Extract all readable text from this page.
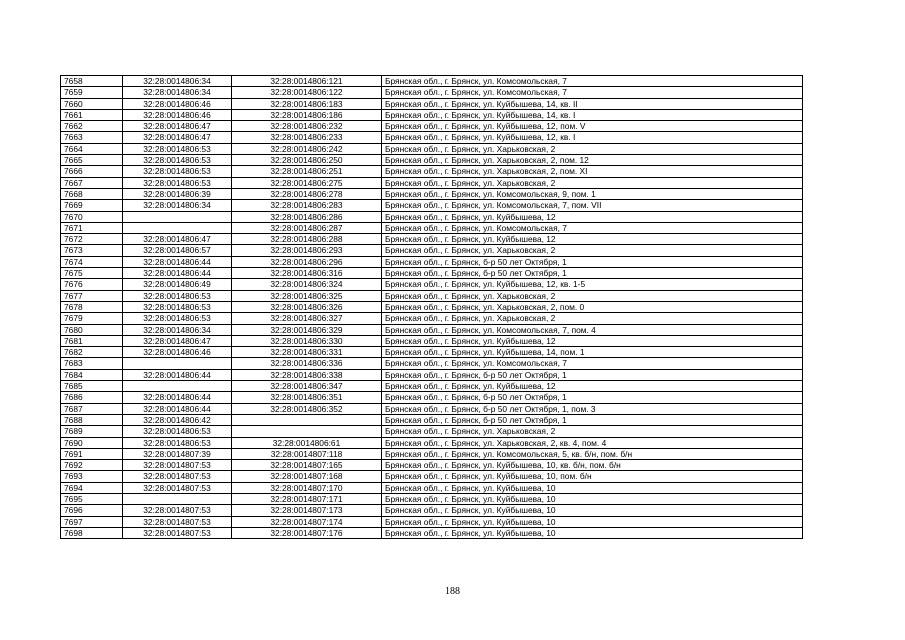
7658	32:28:0014806:34	32:28:0014806:121	Брянская обл., г. Брянск, ул. Комсомольская, 7
7659	32:28:0014806:34	32:28:0014806:122	Брянская обл., г. Брянск, ул. Комсомольская, 7
7660	32:28:0014806:46	32:28:0014806:183	Брянская обл., г. Брянск, ул. Куйбышева, 14, кв. II
7661	32:28:0014806:46	32:28:0014806:186	Брянская обл., г. Брянск, ул. Куйбышева, 14, кв. I
7662	32:28:0014806:47	32:28:0014806:232	Брянская обл., г. Брянск, ул. Куйбышева, 12, пом. V
7663	32:28:0014806:47	32:28:0014806:233	Брянская обл., г. Брянск, ул. Куйбышева, 12, кв. I
7664	32:28:0014806:53	32:28:0014806:242	Брянская обл., г. Брянск, ул. Харьковская, 2
7665	32:28:0014806:53	32:28:0014806:250	Брянская обл., г. Брянск, ул. Харьковская, 2, пом. 12
7666	32:28:0014806:53	32:28:0014806:251	Брянская обл., г. Брянск, ул. Харьковская, 2, пом. XI
7667	32:28:0014806:53	32:28:0014806:275	Брянская обл., г. Брянск, ул. Харьковская, 2
7668	32:28:0014806:39	32:28:0014806:278	Брянская обл., г. Брянск, ул. Комсомольская, 9, пом. 1
7669	32:28:0014806:34	32:28:0014806:283	Брянская обл., г. Брянск, ул. Комсомольская, 7, пом. VII
7670		32:28:0014806:286	Брянская обл., г. Брянск, ул. Куйбышева, 12
7671		32:28:0014806:287	Брянская обл., г. Брянск, ул. Комсомольская, 7
7672	32:28:0014806:47	32:28:0014806:288	Брянская обл., г. Брянск, ул. Куйбышева, 12
7673	32:28:0014806:57	32:28:0014806:293	Брянская обл., г. Брянск, ул. Харьковская, 2
7674	32:28:0014806:44	32:28:0014806:296	Брянская обл., г. Брянск, б-р 50 лет Октября, 1
7675	32:28:0014806:44	32:28:0014806:316	Брянская обл., г. Брянск, б-р 50 лет Октября, 1
7676	32:28:0014806:49	32:28:0014806:324	Брянская обл., г. Брянск, ул. Куйбышева, 12, кв. 1-5
7677	32:28:0014806:53	32:28:0014806:325	Брянская обл., г. Брянск, ул. Харьковская, 2
7678	32:28:0014806:53	32:28:0014806:326	Брянская обл., г. Брянск, ул. Харьковская, 2, пом. 0
7679	32:28:0014806:53	32:28:0014806:327	Брянская обл., г. Брянск, ул. Харьковская, 2
7680	32:28:0014806:34	32:28:0014806:329	Брянская обл., г. Брянск, ул. Комсомольская, 7, пом. 4
7681	32:28:0014806:47	32:28:0014806:330	Брянская обл., г. Брянск, ул. Куйбышева, 12
7682	32:28:0014806:46	32:28:0014806:331	Брянская обл., г. Брянск, ул. Куйбышева, 14, пом. 1
7683		32:28:0014806:336	Брянская обл., г. Брянск, ул. Комсомольская, 7
7684	32:28:0014806:44	32:28:0014806:338	Брянская обл., г. Брянск, б-р 50 лет Октября, 1
7685		32:28:0014806:347	Брянская обл., г. Брянск, ул. Куйбышева, 12
7686	32:28:0014806:44	32:28:0014806:351	Брянская обл., г. Брянск, б-р 50 лет Октября, 1
7687	32:28:0014806:44	32:28:0014806:352	Брянская обл., г. Брянск, б-р 50 лет Октября, 1, пом. 3
7688	32:28:0014806:42		Брянская обл., г. Брянск, б-р 50 лет Октября, 1
7689	32:28:0014806:53		Брянская обл., г. Брянск, ул. Харьковская, 2
7690	32:28:0014806:53	32:28:0014806:61	Брянская обл., г. Брянск, ул. Харьковская, 2, кв. 4, пом. 4
7691	32:28:0014807:39	32:28:0014807:118	Брянская обл., г. Брянск, ул. Комсомольская, 5, кв. б/н, пом. б/н
7692	32:28:0014807:53	32:28:0014807:165	Брянская обл., г. Брянск, ул. Куйбышева, 10, кв. б/н, пом. б/н
7693	32:28:0014807:53	32:28:0014807:168	Брянская обл., г. Брянск, ул. Куйбышева, 10, пом. б/н
7694	32:28:0014807:53	32:28:0014807:170	Брянская обл., г. Брянск, ул. Куйбышева, 10
7695		32:28:0014807:171	Брянская обл., г. Брянск, ул. Куйбышева, 10
7696	32:28:0014807:53	32:28:0014807:173	Брянская обл., г. Брянск, ул. Куйбышева, 10
7697	32:28:0014807:53	32:28:0014807:174	Брянская обл., г. Брянск, ул. Куйбышева, 10
7698	32:28:0014807:53	32:28:0014807:176	Брянская обл., г. Брянск, ул. Куйбышева, 10
188
